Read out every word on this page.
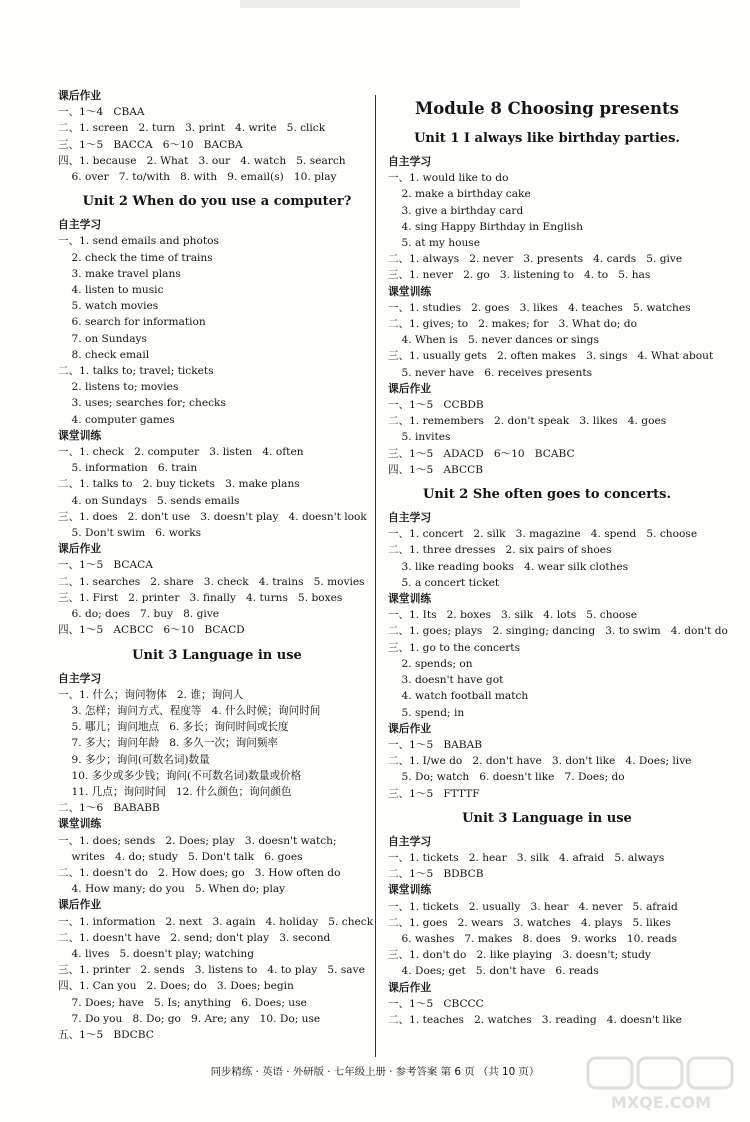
课后作业
一、1～4   CBAA
二、1. screen   2. turn   3. print   4. write   5. click
三、1～5   BACCA   6～10   BACBA
四、1. because   2. What   3. our   4. watch   5. search
6. over   7. to/with   8. with   9. email(s)   10. play
Unit 2 When do you use a computer?
自主学习
一、1. send emails and photos
2. check the time of trains
3. make travel plans
4. listen to music
5. watch movies
6. search for information
7. on Sundays
8. check email
二、1. talks to; travel; tickets
2. listens to; movies
3. uses; searches for; checks
4. computer games
课堂训练
一、1. check   2. computer   3. listen   4. often
5. information   6. train
二、1. talks to   2. buy tickets   3. make plans
4. on Sundays   5. sends emails
三、1. does   2. don't use   3. doesn't play   4. doesn't look
5. Don't swim   6. works
课后作业
一、1～5   BCACA
二、1. searches   2. share   3. check   4. trains   5. movies
三、1. First   2. printer   3. finally   4. turns   5. boxes
6. do; does   7. buy   8. give
四、1～5   ACBCC   6～10   BCACD
Unit 3 Language in use
自主学习
一、1. 什么；询问物体   2. 谁；询问人
3. 怎样；询问方式、程度等   4. 什么时候；询问时间
5. 哪儿；询问地点   6. 多长；询问时间或长度
7. 多大；询问年龄   8. 多久一次；询问频率
9. 多少；询问(可数名词)数量
10. 多少或多少钱；询问(不可数名词)数量或价格
11. 几点；询问时间   12. 什么颜色；询问颜色
二、1～6   BABABB
课堂训练
一、1. does; sends   2. Does; play   3. doesn't watch;
writes   4. do; study   5. Don't talk   6. goes
二、1. doesn't do   2. How does; go   3. How often do
4. How many; do you   5. When do; play
课后作业
一、1. information   2. next   3. again   4. holiday   5. check
二、1. doesn't have   2. send; don't play   3. second
4. lives   5. doesn't play; watching
三、1. printer   2. sends   3. listens to   4. to play   5. save
四、1. Can you   2. Does; do   3. Does; begin
7. Does; have   5. Is; anything   6. Does; use
7. Do you   8. Do; go   9. Are; any   10. Do; use
五、1～5   BDCBC
Module 8 Choosing presents
Unit 1 I always like birthday parties.
自主学习
一、1. would like to do
2. make a birthday cake
3. give a birthday card
4. sing Happy Birthday in English
5. at my house
二、1. always   2. never   3. presents   4. cards   5. give
三、1. never   2. go   3. listening to   4. to   5. has
课堂训练
一、1. studies   2. goes   3. likes   4. teaches   5. watches
二、1. gives; to   2. makes; for   3. What do; do
4. When is   5. never dances or sings
三、1. usually gets   2. often makes   3. sings   4. What about
5. never have   6. receives presents
课后作业
一、1～5   CCBDB
二、1. remembers   2. don't speak   3. likes   4. goes
5. invites
三、1～5   ADACD   6～10   BCABC
四、1～5   ABCCB
Unit 2 She often goes to concerts.
自主学习
一、1. concert   2. silk   3. magazine   4. spend   5. choose
二、1. three dresses   2. six pairs of shoes
3. like reading books   4. wear silk clothes
5. a concert ticket
课堂训练
一、1. Its   2. boxes   3. silk   4. lots   5. choose
二、1. goes; plays   2. singing; dancing   3. to swim   4. don't do
三、1. go to the concerts
2. spends; on
3. doesn't have got
4. watch football match
5. spend; in
课后作业
一、1～5   BABAB
二、1. I/we do   2. don't have   3. don't like   4. Does; live
5. Do; watch   6. doesn't like   7. Does; do
三、1～5   FTTTF
Unit 3 Language in use
自主学习
一、1. tickets   2. hear   3. silk   4. afraid   5. always
二、1～5   BDBCB
课堂训练
一、1. tickets   2. usually   3. hear   4. never   5. afraid
二、1. goes   2. wears   3. watches   4. plays   5. likes
6. washes   7. makes   8. does   9. works   10. reads
三、1. don't do   2. like playing   3. doesn't; study
4. Does; get   5. don't have   6. reads
课后作业
一、1～5   CBCCC
二、1. teaches   2. watches   3. reading   4. doesn't like
同步精练 · 英语 · 外研版 · 七年级上册 · 参考答案 第 6 页 （共 10 页）
MXQE.COM
